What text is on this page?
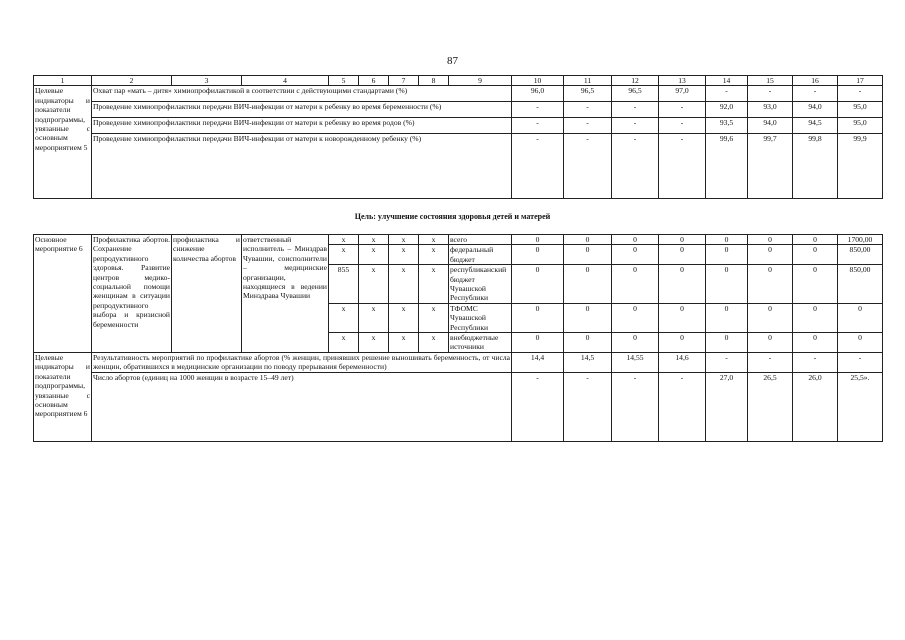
87
1	2	3	4	5	6	7	8	9	10	11	12	13	14	15	16	17
Целевые индикаторы и показатели подпрограммы, увязанные с основным мероприятием 5	Охват пар «мать – дитя» химиопрофилактикой в соответствии с действующими стандартами (%)								96,0	96,5	96,5	97,0	-	-	-	-
	Проведение химиопрофилактики передачи ВИЧ-инфекции от матери к ребенку во время беременности (%)								-	-	-	-	92,0	93,0	94,0	95,0
	Проведение химиопрофилактики передачи ВИЧ-инфекции от матери к ребенку во время родов (%)								-	-	-	-	93,5	94,0	94,5	95,0
	Проведение химиопрофилактики передачи ВИЧ-инфекции от матери к новорожденному ребенку (%)								-	-	-	-	99,6	99,7	99,8	99,9
Цель: улучшение состояния здоровья детей и матерей
Основное мероприятие 6	Профилактика абортов. Сохранение репродуктивного здоровья. Развитие центров медико-социальной помощи женщинам в ситуации репродуктивного выбора и кризисной беременности	профилактика и снижение количества абортов	ответственный исполнитель – Минздрав Чувашии, соисполнители – медицинские организации, находящиеся в ведении Минздрава Чувашии	x	x	x	x	всего	0	0	0	0	0	0	0	1700,00
				x	x	x	x	федеральный бюджет	0	0	0	0	0	0	0	850,00
				855	x	x	x	республиканский бюджет Чувашской Республики	0	0	0	0	0	0	0	850,00
				x	x	x	x	ТФОМС Чувашской Республики	0	0	0	0	0	0	0	0
				x	x	x	x	внебюджетные источники	0	0	0	0	0	0	0	0
Целевые индикаторы и показатели подпрограммы, увязанные с основным мероприятием 6	Результативность мероприятий по профилактике абортов (% женщин, принявших решение выношивать беременность, от числа женщин, обратившихся в медицинские организации по поводу прерывания беременности)								14,4	14,5	14,55	14,6	-	-	-	-
	Число абортов (единиц на 1000 женщин в возрасте 15–49 лет)								-	-	-	-	27,0	26,5	26,0	25,5».
